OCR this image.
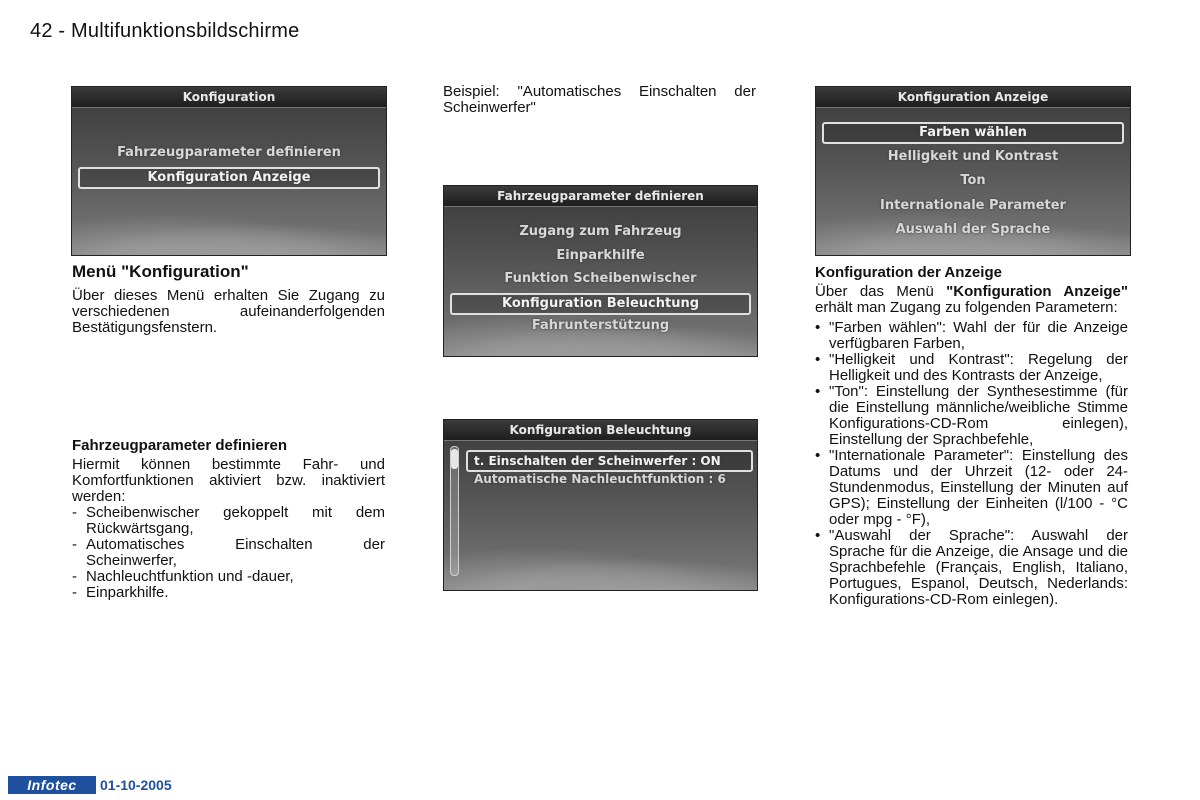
42 - Multifunktionsbildschirme
Konfiguration
Fahrzeugparameter definieren
Konfiguration Anzeige
Menü "Konfiguration"

Über dieses Menü erhalten Sie Zugang zu verschiedenen aufeinanderfolgenden Bestätigungsfenstern.

Fahrzeugparameter definieren

Hiermit können bestimmte Fahr- und Komfortfunktionen aktiviert bzw. inaktiviert werden:

- Scheibenwischer gekoppelt mit dem Rückwärtsgang,
- Automatisches Einschalten der Scheinwerfer,
- Nachleuchtfunktion und -dauer,
- Einparkhilfe.

Beispiel: "Automatisches Einschalten der Scheinwerfer"

Fahrzeugparameter definieren
Zugang zum Fahrzeug
Einparkhilfe
Funktion Scheibenwischer
Konfiguration Beleuchtung
Fahrunterstützung
Konfiguration Beleuchtung
t. Einschalten der Scheinwerfer : ON
Automatische Nachleuchtfunktion : 6
Konfiguration Anzeige
Farben wählen
Helligkeit und Kontrast
Ton
Internationale Parameter
Auswahl der Sprache
Konfiguration der Anzeige

Über das Menü "Konfiguration Anzeige" erhält man Zugang zu folgenden Parametern:

• "Farben wählen": Wahl der für die Anzeige verfügbaren Farben,
• "Helligkeit und Kontrast": Regelung der Helligkeit und des Kontrasts der Anzeige,
• "Ton": Einstellung der Synthesestimme (für die Einstellung männliche/weibliche Stimme Konfigurations-CD-Rom einlegen), Einstellung der Sprachbefehle,
• "Internationale Parameter": Einstellung des Datums und der Uhrzeit (12- oder 24-Stundenmodus, Einstellung der Minuten auf GPS); Einstellung der Einheiten (l/100 - °C oder mpg - °F),
• "Auswahl der Sprache": Auswahl der Sprache für die Anzeige, die Ansage und die Sprachbefehle (Français, English, Italiano, Portugues, Espanol, Deutsch, Nederlands: Konfigurations-CD-Rom einlegen).
Infotec	01-10-2005
